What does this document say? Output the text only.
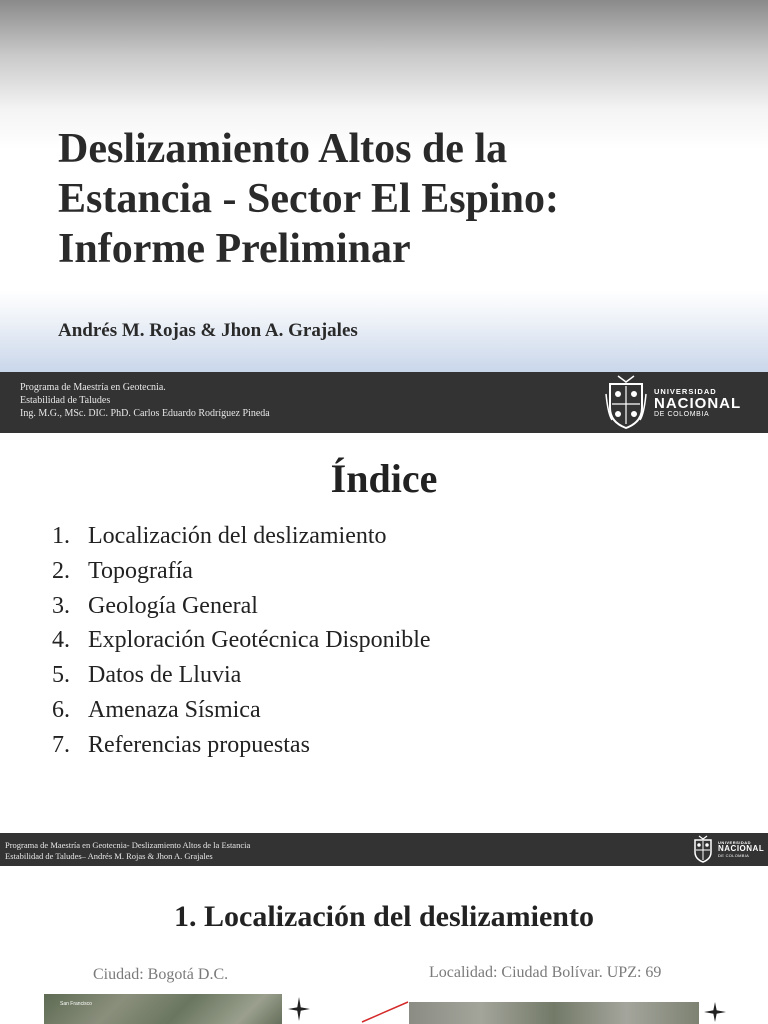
Deslizamiento Altos de la
Estancia - Sector El Espino:
Informe Preliminar
Andrés M. Rojas & Jhon A. Grajales
Programa de Maestría en Geotecnia.
Estabilidad de Taludes
Ing. M.G., MSc. DIC. PhD. Carlos Eduardo Rodríguez Pineda
UNIVERSIDAD
NACIONAL
DE COLOMBIA
Índice
1. Localización del deslizamiento
2. Topografía
3. Geología General
4. Exploración Geotécnica Disponible
5. Datos de Lluvia
6. Amenaza Sísmica
7. Referencias propuestas
Programa de Maestría en Geotecnia- Deslizamiento Altos de la Estancia
Estabilidad de Taludes– Andrés M. Rojas & Jhon A. Grajales
UNIVERSIDAD
NACIONAL
DE COLOMBIA
1. Localización del deslizamiento
Ciudad: Bogotá D.C.	Localidad: Ciudad Bolívar. UPZ: 69
San Francisco
